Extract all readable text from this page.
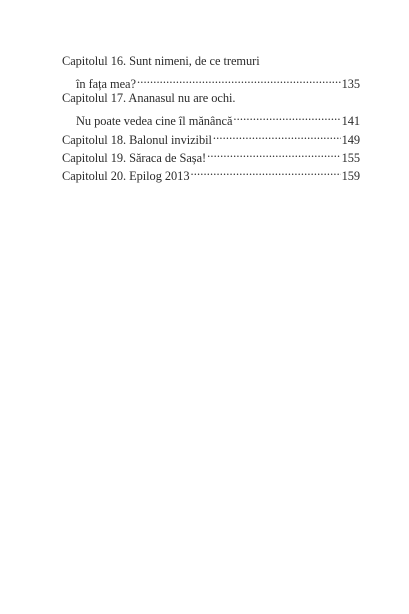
Capitolul 16. Sunt nimeni, de ce tremuri
în fața mea? .....	135
Capitolul 17. Ananasul nu are ochi.
Nu poate vedea cine îl mănâncă .....	141
Capitolul 18. Balonul invizibil .....	149
Capitolul 19. Săraca de Sașa! .....	155
Capitolul 20. Epilog 2013 .....	159
